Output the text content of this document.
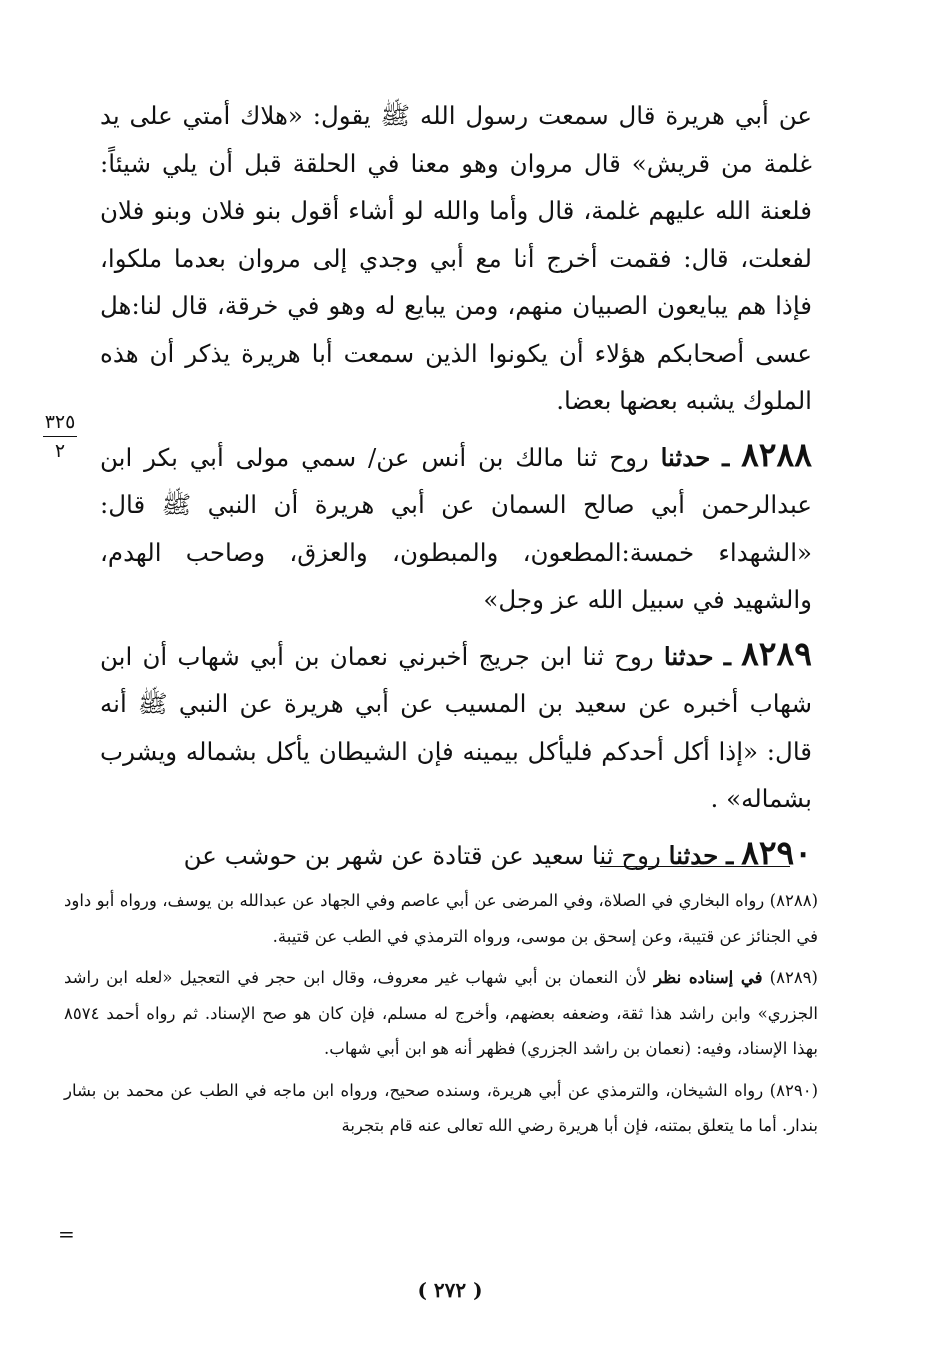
عن أبي هريرة قال سمعت رسول الله ﷺ يقول: «هلاك أمتي على يد غلمة من قريش» قال مروان وهو معنا في الحلقة قبل أن يلي شيئاً: فلعنة الله عليهم غلمة، قال وأما والله لو أشاء أقول بنو فلان وبنو فلان لفعلت، قال: فقمت أخرج أنا مع أبي وجدي إلى مروان بعدما ملكوا، فإذا هم يبايعون الصبيان منهم، ومن يبايع له وهو في خرقة، قال لنا:هل عسى أصحابكم هؤلاء أن يكونوا الذين سمعت أبا هريرة يذكر أن هذه الملوك يشبه بعضها بعضا.

٨٢٨٨ ـ حدثنا روح ثنا مالك بن أنس عن/ سمي مولى أبي بكر ابن عبدالرحمن أبي صالح السمان عن أبي هريرة أن النبي ﷺ قال: «الشهداء خمسة:المطعون، والمبطون، والعزق، وصاحب الهدم، والشهيد في سبيل الله عز وجل»

٨٢٨٩ ـ حدثنا روح ثنا ابن جريج أخبرني نعمان بن أبي شهاب أن ابن شهاب أخبره عن سعيد بن المسيب عن أبي هريرة عن النبي ﷺ أنه قال: «إذا أكل أحدكم فليأكل بيمينه فإن الشيطان يأكل بشماله ويشرب بشماله» .

٨٢٩٠ ـ حدثنا روح ثنا سعيد عن قتادة عن شهر بن حوشب عن

٣٢٥
٢

(٨٢٨٨) رواه البخاري في الصلاة، وفي المرضى عن أبي عاصم وفي الجهاد عن عبدالله بن يوسف، ورواه أبو داود في الجنائز عن قتيبة، وعن إسحق بن موسى، ورواه الترمذي في الطب عن قتيبة.

(٨٢٨٩) في إسناده نظر لأن النعمان بن أبي شهاب غير معروف، وقال ابن حجر في التعجيل «لعله ابن راشد الجزري» وابن راشد هذا ثقة، وضعفه بعضهم، وأخرج له مسلم، فإن كان هو صح الإسناد. ثم رواه أحمد ٨٥٧٤ بهذا الإسناد، وفيه: (نعمان بن راشد الجزري) فظهر أنه هو ابن أبي شهاب.

(٨٢٩٠) رواه الشيخان، والترمذي عن أبي هريرة، وسنده صحيح، ورواه ابن ماجه في الطب عن محمد بن بشار بندار. أما ما يتعلق بمتنه، فإن أبا هريرة رضي الله تعالى عنه قام بتجربة

=
( ٢٧٢ )
